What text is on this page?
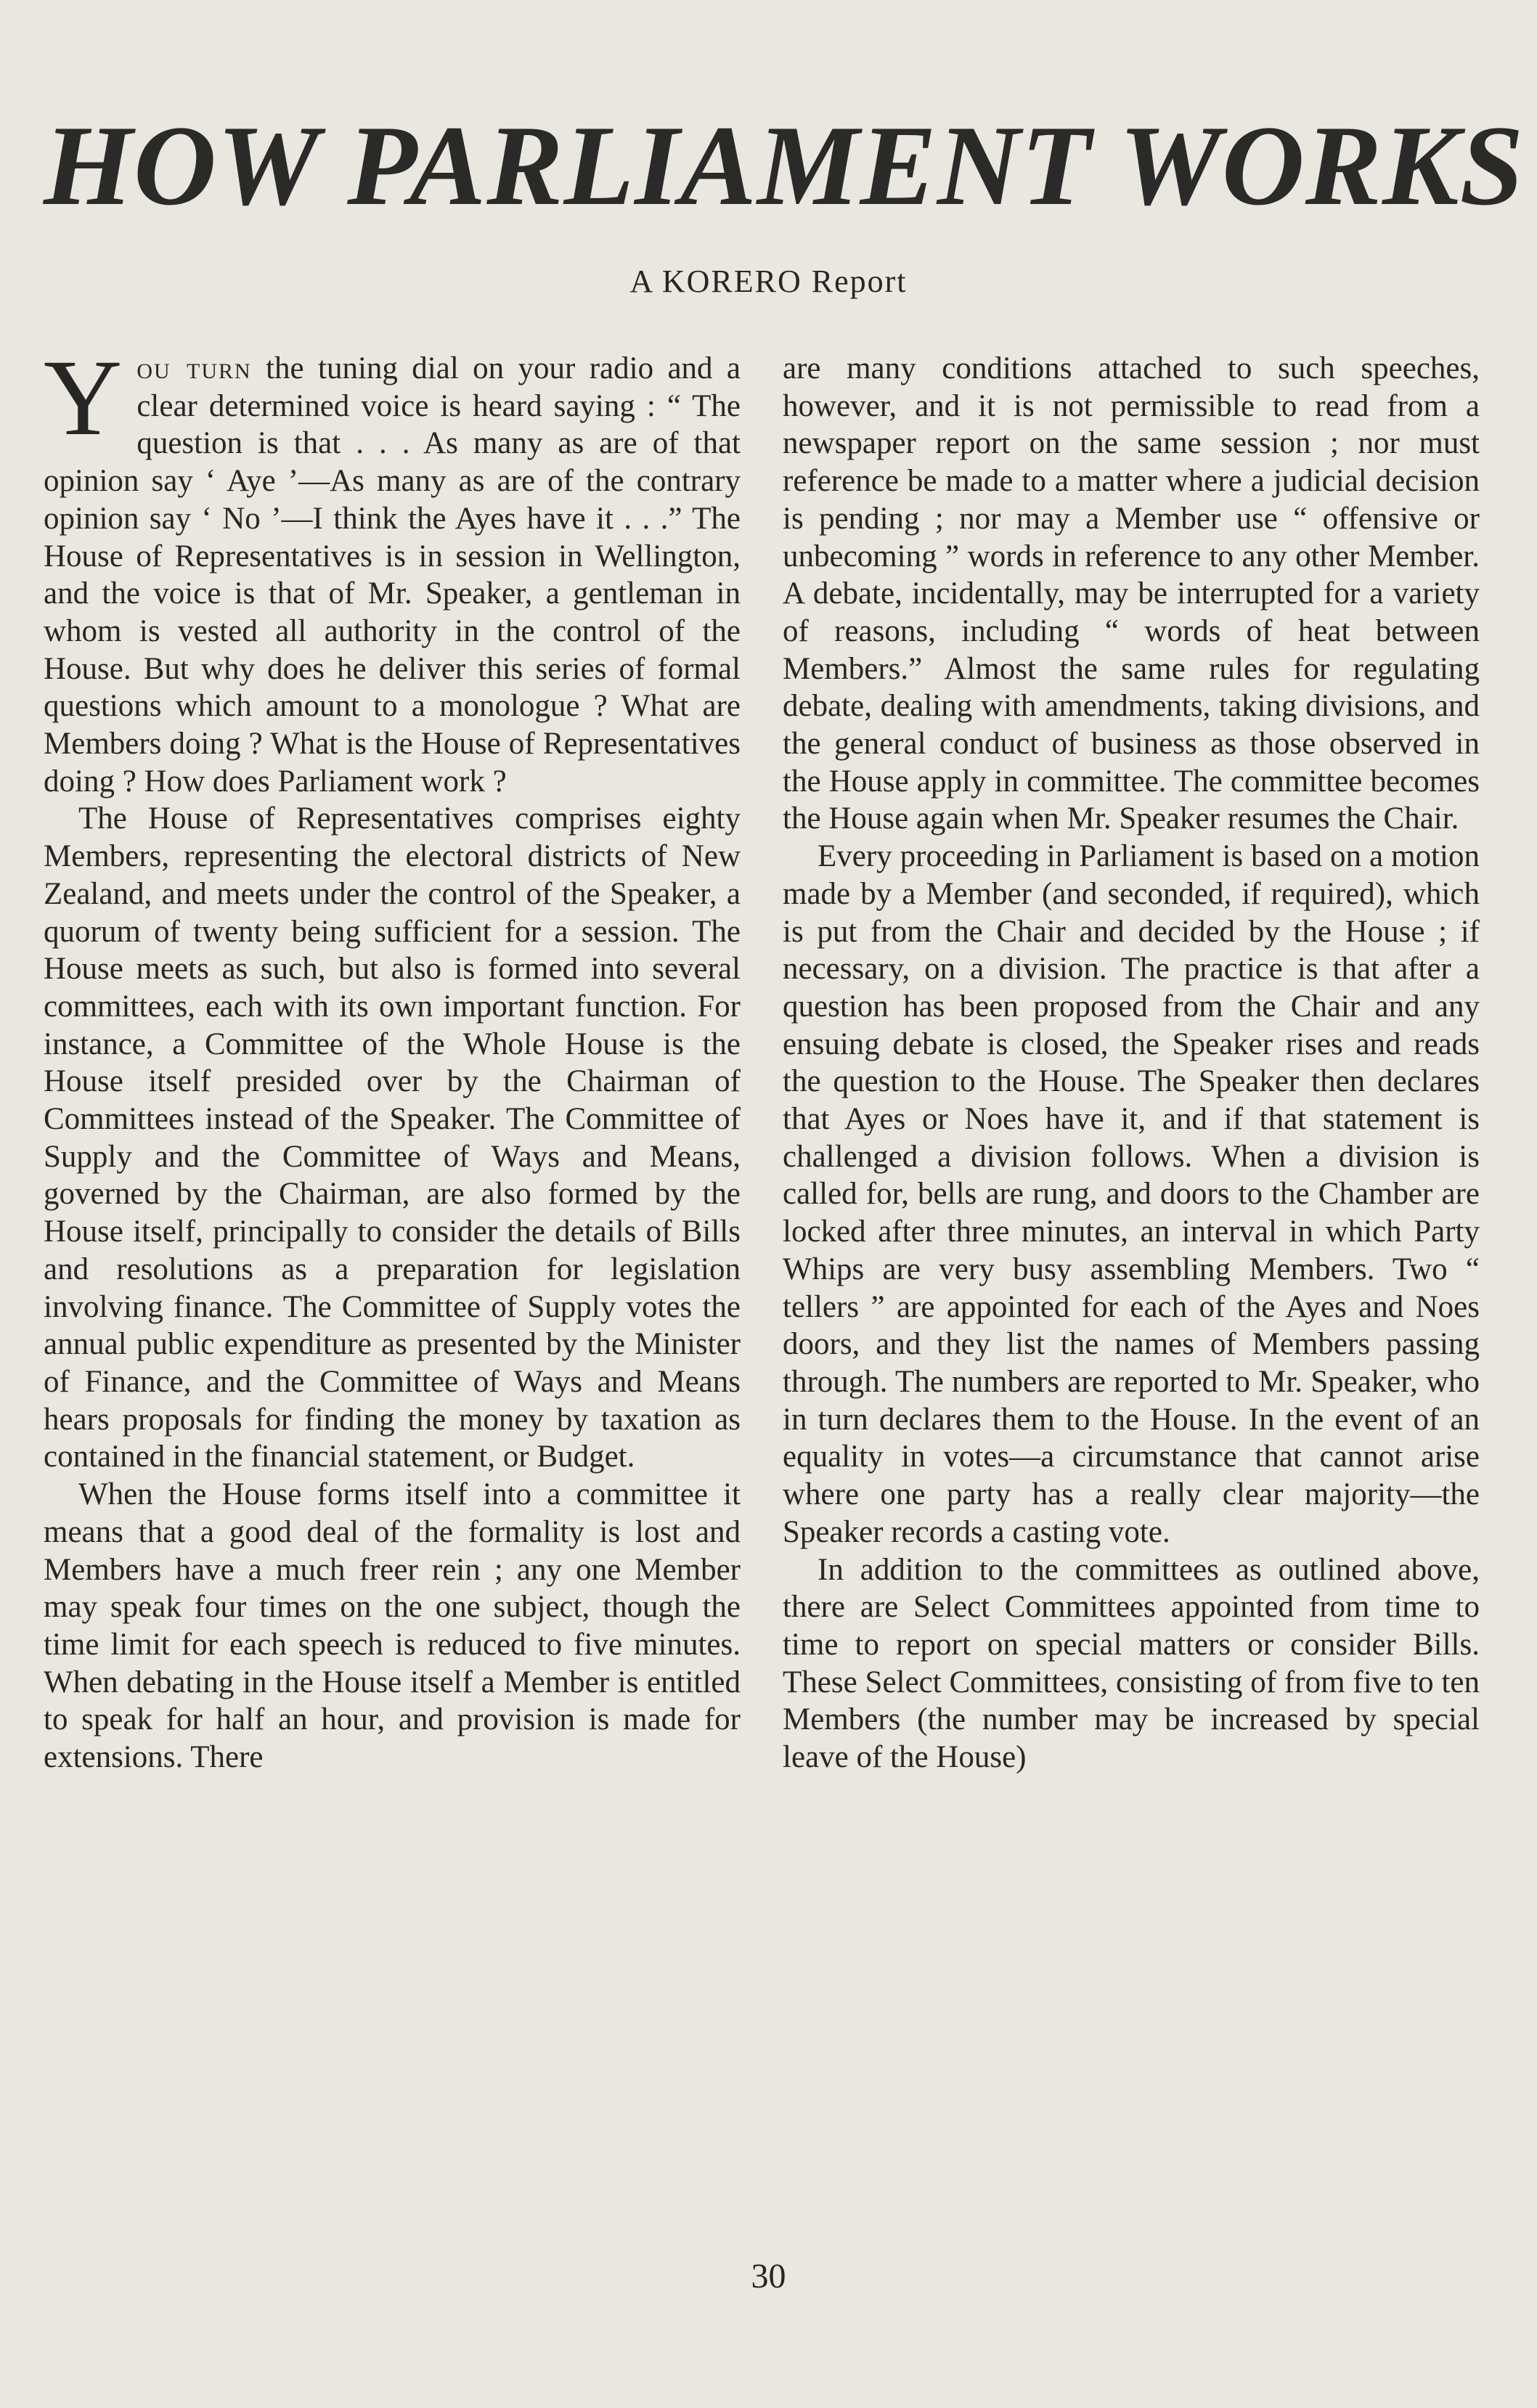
HOW PARLIAMENT WORKS
A KORERO Report

You turn the tuning dial on your radio and a clear determined voice is heard saying : “ The question is that . . . As many as are of that opinion say ‘ Aye ’—As many as are of the contrary opinion say ‘ No ’—I think the Ayes have it . . .” The House of Representatives is in session in Wellington, and the voice is that of Mr. Speaker, a gentleman in whom is vested all authority in the control of the House. But why does he deliver this series of formal questions which amount to a monologue ? What are Members doing ? What is the House of Representatives doing ? How does Parliament work ?

The House of Representatives comprises eighty Members, representing the electoral districts of New Zealand, and meets under the control of the Speaker, a quorum of twenty being sufficient for a session. The House meets as such, but also is formed into several committees, each with its own important function. For instance, a Committee of the Whole House is the House itself presided over by the Chairman of Committees instead of the Speaker. The Committee of Supply and the Committee of Ways and Means, governed by the Chairman, are also formed by the House itself, principally to consider the details of Bills and resolutions as a preparation for legislation involving finance. The Committee of Supply votes the annual public expenditure as presented by the Minister of Finance, and the Committee of Ways and Means hears proposals for finding the money by taxation as contained in the financial statement, or Budget.

When the House forms itself into a committee it means that a good deal of the formality is lost and Members have a much freer rein ; any one Member may speak four times on the one subject, though the time limit for each speech is reduced to five minutes. When debating in the House itself a Member is entitled to speak for half an hour, and provision is made for extensions. There

are many conditions attached to such speeches, however, and it is not permissible to read from a newspaper report on the same session ; nor must reference be made to a matter where a judicial decision is pending ; nor may a Member use “ offensive or unbecoming ” words in reference to any other Member. A debate, incidentally, may be interrupted for a variety of reasons, including “ words of heat between Members.” Almost the same rules for regulating debate, dealing with amendments, taking divisions, and the general conduct of business as those observed in the House apply in committee. The committee becomes the House again when Mr. Speaker resumes the Chair.

Every proceeding in Parliament is based on a motion made by a Member (and seconded, if required), which is put from the Chair and decided by the House ; if necessary, on a division. The practice is that after a question has been proposed from the Chair and any ensuing debate is closed, the Speaker rises and reads the question to the House. The Speaker then declares that Ayes or Noes have it, and if that statement is challenged a division follows. When a division is called for, bells are rung, and doors to the Chamber are locked after three minutes, an interval in which Party Whips are very busy assembling Members. Two “ tellers ” are appointed for each of the Ayes and Noes doors, and they list the names of Members passing through. The numbers are reported to Mr. Speaker, who in turn declares them to the House. In the event of an equality in votes—a circumstance that cannot arise where one party has a really clear majority—the Speaker records a casting vote.

In addition to the committees as outlined above, there are Select Committees appointed from time to time to report on special matters or consider Bills. These Select Committees, consisting of from five to ten Members (the number may be increased by special leave of the House)

30
